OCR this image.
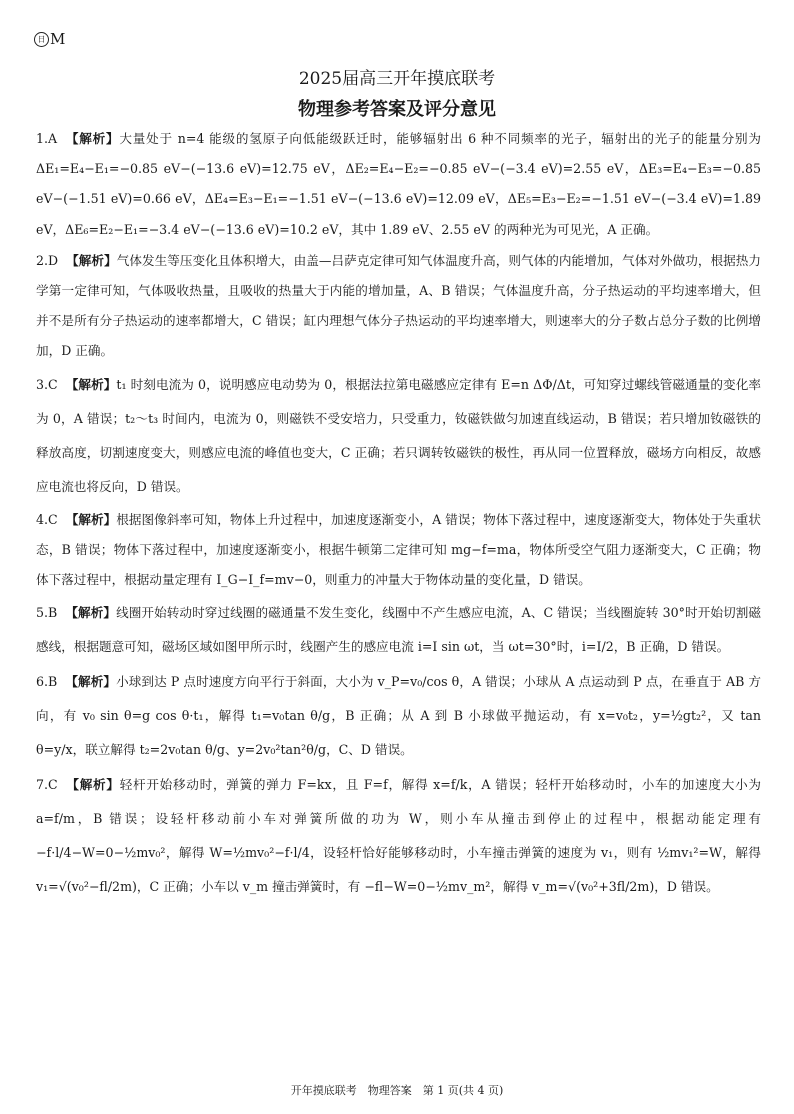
日 M
2025届高三开年摸底联考
物理参考答案及评分意见

1.A 【解析】大量处于 n=4 能级的氢原子向低能级跃迁时，能够辐射出 6 种不同频率的光子，辐射出的光子的能量分别为 ΔE₁=E₄−E₁=−0.85 eV−(−13.6 eV)=12.75 eV，ΔE₂=E₄−E₂=−0.85 eV−(−3.4 eV)=2.55 eV，ΔE₃=E₄−E₃=−0.85 eV−(−1.51 eV)=0.66 eV，ΔE₄=E₃−E₁=−1.51 eV−(−13.6 eV)=12.09 eV，ΔE₅=E₃−E₂=−1.51 eV−(−3.4 eV)=1.89 eV，ΔE₆=E₂−E₁=−3.4 eV−(−13.6 eV)=10.2 eV，其中 1.89 eV、2.55 eV 的两种光为可见光，A 正确。

2.D 【解析】气体发生等压变化且体积增大，由盖—吕萨克定律可知气体温度升高，则气体的内能增加，气体对外做功，根据热力学第一定律可知，气体吸收热量，且吸收的热量大于内能的增加量，A、B 错误；气体温度升高，分子热运动的平均速率增大，但并不是所有分子热运动的速率都增大，C 错误；缸内理想气体分子热运动的平均速率增大，则速率大的分子数占总分子数的比例增加，D 正确。

3.C 【解析】t₁ 时刻电流为 0，说明感应电动势为 0，根据法拉第电磁感应定律有 E=n ΔΦ/Δt，可知穿过螺线管磁通量的变化率为 0，A 错误；t₂～t₃ 时间内，电流为 0，则磁铁不受安培力，只受重力，钕磁铁做匀加速直线运动，B 错误；若只增加钕磁铁的释放高度，切割速度变大，则感应电流的峰值也变大，C 正确；若只调转钕磁铁的极性，再从同一位置释放，磁场方向相反，故感应电流也将反向，D 错误。

4.C 【解析】根据图像斜率可知，物体上升过程中，加速度逐渐变小，A 错误；物体下落过程中，速度逐渐变大，物体处于失重状态，B 错误；物体下落过程中，加速度逐渐变小，根据牛顿第二定律可知 mg−f=ma，物体所受空气阻力逐渐变大，C 正确；物体下落过程中，根据动量定理有 I_G−I_f=mv−0，则重力的冲量大于物体动量的变化量，D 错误。

5.B 【解析】线圈开始转动时穿过线圈的磁通量不发生变化，线圈中不产生感应电流，A、C 错误；当线圈旋转 30°时开始切割磁感线，根据题意可知，磁场区域如图甲所示时，线圈产生的感应电流 i=I sin ωt，当 ωt=30°时，i=I/2，B 正确，D 错误。

6.B 【解析】小球到达 P 点时速度方向平行于斜面，大小为 v_P=v₀/cos θ，A 错误；小球从 A 点运动到 P 点，在垂直于 AB 方向，有 v₀ sin θ=g cos θ·t₁，解得 t₁=v₀tan θ/g，B 正确；从 A 到 B 小球做平抛运动，有 x=v₀t₂，y=½gt₂²，又 tan θ=y/x，联立解得 t₂=2v₀tan θ/g、y=2v₀²tan²θ/g，C、D 错误。

7.C 【解析】轻杆开始移动时，弹簧的弹力 F=kx，且 F=f，解得 x=f/k，A 错误；轻杆开始移动时，小车的加速度大小为 a=f/m，B 错误；设轻杆移动前小车对弹簧所做的功为 W，则小车从撞击到停止的过程中，根据动能定理有 −f·l/4−W=0−½mv₀²，解得 W=½mv₀²−f·l/4，设轻杆恰好能够移动时，小车撞击弹簧的速度为 v₁，则有 ½mv₁²=W，解得 v₁=√(v₀²−fl/2m)，C 正确；小车以 v_m 撞击弹簧时，有 −fl−W=0−½mv_m²，解得 v_m=√(v₀²+3fl/2m)，D 错误。

开年摸底联考　物理答案　第 1 页(共 4 页)
